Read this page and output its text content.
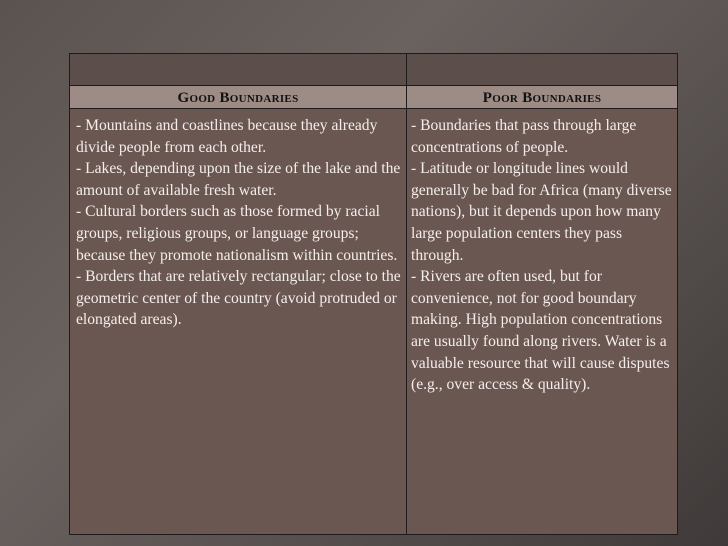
Good Boundaries	Poor Boundaries
- Mountains and coastlines because they already divide people from each other.
- Lakes, depending upon the size of the lake and the amount of available fresh water.
- Cultural borders such as those formed by racial groups, religious groups, or language groups; because they promote nationalism within countries.
- Borders that are relatively rectangular; close to the geometric center of the country (avoid protruded or elongated areas).
- Boundaries that pass through large concentrations of people.
- Latitude or longitude lines would generally be bad for Africa (many diverse nations), but it depends upon how many large population centers they pass through.
- Rivers are often used, but for convenience, not for good boundary making. High population concentrations are usually found along rivers. Water is a valuable resource that will cause disputes (e.g., over access & quality).
